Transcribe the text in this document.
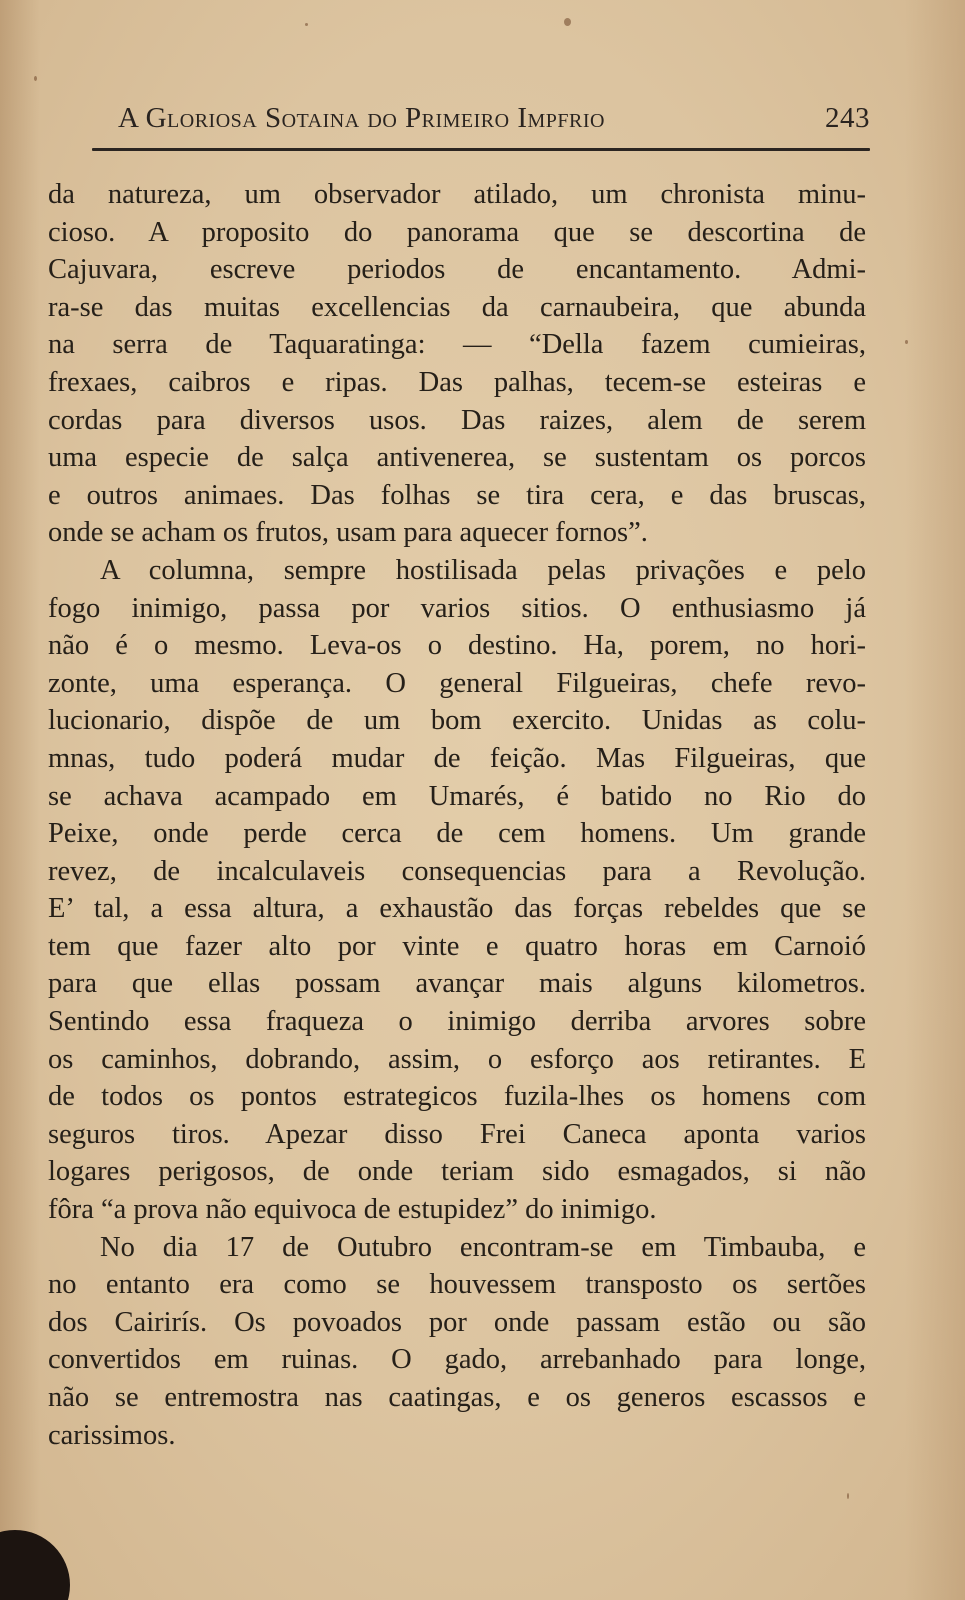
A Gloriosa Sotaina do Primeiro Impfrio	243
da natureza, um observador atilado, um chronista minu-
cioso. A proposito do panorama que se descortina de
Cajuvara, escreve periodos de encantamento. Admi-
ra-se das muitas excellencias da carnaubeira, que abunda
na serra de Taquaratinga: — “Della fazem cumieiras,
frexaes, caibros e ripas. Das palhas, tecem-se esteiras e
cordas para diversos usos. Das raizes, alem de serem
uma especie de salça antivenerea, se sustentam os porcos
e outros animaes. Das folhas se tira cera, e das bruscas,
onde se acham os frutos, usam para aquecer fornos”.
A columna, sempre hostilisada pelas privações e pelo
fogo inimigo, passa por varios sitios. O enthusiasmo já
não é o mesmo. Leva-os o destino. Ha, porem, no hori-
zonte, uma esperança. O general Filgueiras, chefe revo-
lucionario, dispõe de um bom exercito. Unidas as colu-
mnas, tudo poderá mudar de feição. Mas Filgueiras, que
se achava acampado em Umarés, é batido no Rio do
Peixe, onde perde cerca de cem homens. Um grande
revez, de incalculaveis consequencias para a Revolução.
E’ tal, a essa altura, a exhaustão das forças rebeldes que se
tem que fazer alto por vinte e quatro horas em Carnoió
para que ellas possam avançar mais alguns kilometros.
Sentindo essa fraqueza o inimigo derriba arvores sobre
os caminhos, dobrando, assim, o esforço aos retirantes. E
de todos os pontos estrategicos fuzila-lhes os homens com
seguros tiros. Apezar disso Frei Caneca aponta varios
logares perigosos, de onde teriam sido esmagados, si não
fôra “a prova não equivoca de estupidez” do inimigo.
No dia 17 de Outubro encontram-se em Timbauba, e
no entanto era como se houvessem transposto os sertões
dos Cairirís. Os povoados por onde passam estão ou são
convertidos em ruinas. O gado, arrebanhado para longe,
não se entremostra nas caatingas, e os generos escassos e
carissimos.
